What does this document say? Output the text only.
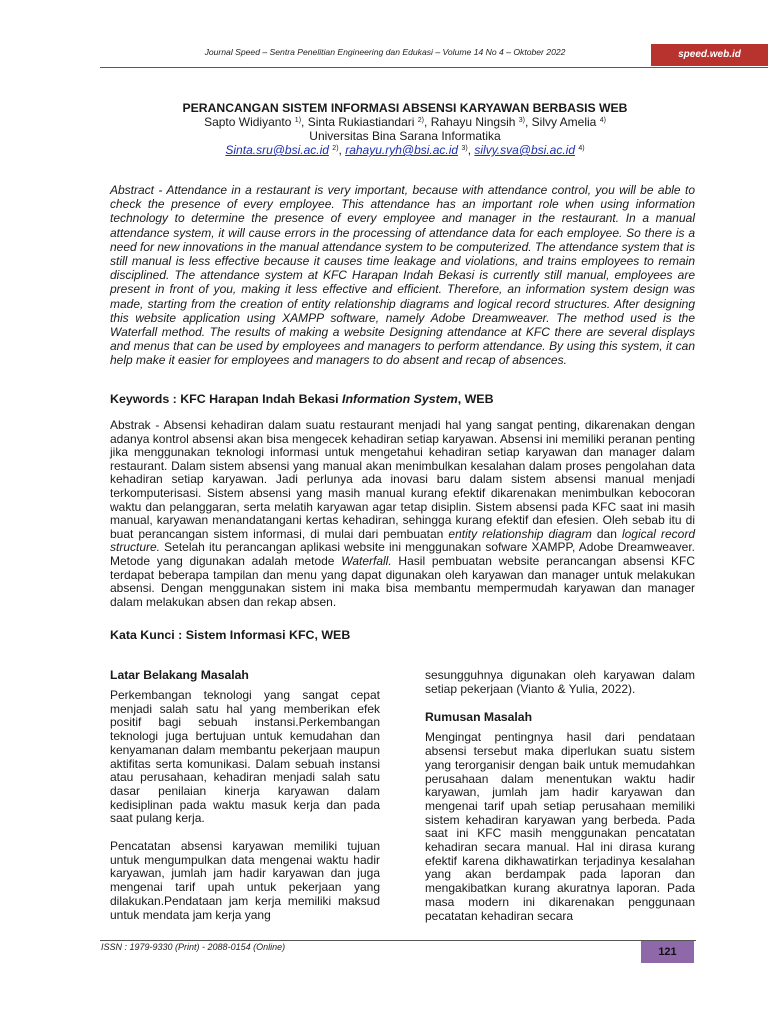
Journal Speed – Sentra Penelitian Engineering dan Edukasi – Volume 14 No 4 – Oktober 2022	speed.web.id
PERANCANGAN SISTEM INFORMASI ABSENSI KARYAWAN BERBASIS WEB
Sapto Widiyanto $^{1)}$, Sinta Rukiastiandari $^{2)}$, Rahayu Ningsih $^{3)}$, Silvy Amelia $^{4)}$
Universitas Bina Sarana Informatika
Sinta.sru@bsi.ac.id $^{2)}$, rahayu.ryh@bsi.ac.id $^{3)}$, silvy.sva@bsi.ac.id $^{4)}$
Abstract - Attendance in a restaurant is very important, because with attendance control, you will be able to check the presence of every employee. This attendance has an important role when using information technology to determine the presence of every employee and manager in the restaurant. In a manual attendance system, it will cause errors in the processing of attendance data for each employee. So there is a need for new innovations in the manual attendance system to be computerized. The attendance system that is still manual is less effective because it causes time leakage and violations, and trains employees to remain disciplined. The attendance system at KFC Harapan Indah Bekasi is currently still manual, employees are present in front of you, making it less effective and efficient. Therefore, an information system design was made, starting from the creation of entity relationship diagrams and logical record structures. After designing this website application using XAMPP software, namely Adobe Dreamweaver. The method used is the Waterfall method. The results of making a website Designing attendance at KFC there are several displays and menus that can be used by employees and managers to perform attendance. By using this system, it can help make it easier for employees and managers to do absent and recap of absences.
Keywords : KFC Harapan Indah Bekasi Information System, WEB
Abstrak - Absensi kehadiran dalam suatu restaurant menjadi hal yang sangat penting, dikarenakan dengan adanya kontrol absensi akan bisa mengecek kehadiran setiap karyawan. Absensi ini memiliki peranan penting jika menggunakan teknologi informasi untuk mengetahui kehadiran setiap karyawan dan manager dalam restaurant. Dalam sistem absensi yang manual akan menimbulkan kesalahan dalam proses pengolahan data kehadiran setiap karyawan. Jadi perlunya ada inovasi baru dalam sistem absensi manual menjadi terkomputerisasi. Sistem absensi yang masih manual kurang efektif dikarenakan menimbulkan kebocoran waktu dan pelanggaran, serta melatih karyawan agar tetap disiplin. Sistem absensi pada KFC saat ini masih manual, karyawan menandatangani kertas kehadiran, sehingga kurang efektif dan efesien. Oleh sebab itu di buat perancangan sistem informasi, di mulai dari pembuatan entity relationship diagram dan logical record structure. Setelah itu perancangan aplikasi website ini menggunakan sofware XAMPP, Adobe Dreamweaver. Metode yang digunakan adalah metode Waterfall. Hasil pembuatan website perancangan absensi KFC terdapat beberapa tampilan dan menu yang dapat digunakan oleh karyawan dan manager untuk melakukan absensi. Dengan menggunakan sistem ini maka bisa membantu mempermudah karyawan dan manager dalam melakukan absen dan rekap absen.
Kata Kunci : Sistem Informasi KFC, WEB
Latar Belakang Masalah

Perkembangan teknologi yang sangat cepat menjadi salah satu hal yang memberikan efek positif bagi sebuah instansi.Perkembangan teknologi juga bertujuan untuk kemudahan dan kenyamanan dalam membantu pekerjaan maupun aktifitas serta komunikasi. Dalam sebuah instansi atau perusahaan, kehadiran menjadi salah satu dasar penilaian kinerja karyawan dalam kedisiplinan pada waktu masuk kerja dan pada saat pulang kerja.

Pencatatan absensi karyawan memiliki tujuan untuk mengumpulkan data mengenai waktu hadir karyawan, jumlah jam hadir karyawan dan juga mengenai tarif upah untuk pekerjaan yang dilakukan.Pendataan jam kerja memiliki maksud untuk mendata jam kerja yang

sesungguhnya digunakan oleh karyawan dalam setiap pekerjaan (Vianto & Yulia, 2022).

Rumusan Masalah

Mengingat pentingnya hasil dari pendataan absensi tersebut maka diperlukan suatu sistem yang terorganisir dengan baik untuk memudahkan perusahaan dalam menentukan waktu hadir karyawan, jumlah jam hadir karyawan dan mengenai tarif upah setiap perusahaan memiliki sistem kehadiran karyawan yang berbeda. Pada saat ini KFC masih menggunakan pencatatan kehadiran secara manual. Hal ini dirasa kurang efektif karena dikhawatirkan terjadinya kesalahan yang akan berdampak pada laporan dan mengakibatkan kurang akuratnya laporan. Pada masa modern ini dikarenakan penggunaan pecatatan kehadiran secara

ISSN : 1979-9330 (Print) - 2088-0154 (Online)	121
